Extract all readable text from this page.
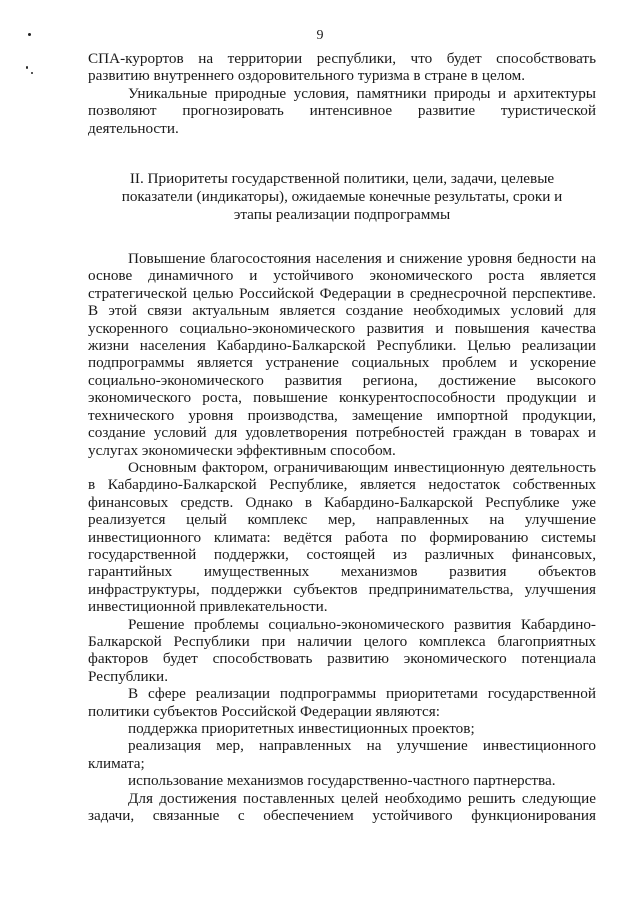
9

СПА-курортов на территории республики, что будет способствовать развитию внутреннего оздоровительного туризма в стране в целом.

Уникальные природные условия, памятники природы и архитектуры позволяют прогнозировать интенсивное развитие туристической деятельности.

II. Приоритеты государственной политики, цели, задачи, целевые показатели (индикаторы), ожидаемые конечные результаты, сроки и этапы реализации подпрограммы

Повышение благосостояния населения и снижение уровня бедности на основе динамичного и устойчивого экономического роста является стратегической целью Российской Федерации в среднесрочной перспективе. В этой связи актуальным является создание необходимых условий для ускоренного социально-экономического развития и повышения качества жизни населения Кабардино-Балкарской Республики. Целью реализации подпрограммы является устранение социальных проблем и ускорение социально-экономического развития региона, достижение высокого экономического роста, повышение конкурентоспособности продукции и технического уровня производства, замещение импортной продукции, создание условий для удовлетворения потребностей граждан в товарах и услугах экономически эффективным способом.

Основным фактором, ограничивающим инвестиционную деятельность в Кабардино-Балкарской Республике, является недостаток собственных финансовых средств. Однако в Кабардино-Балкарской Республике уже реализуется целый комплекс мер, направленных на улучшение инвестиционного климата: ведётся работа по формированию системы государственной поддержки, состоящей из различных финансовых, гарантийных имущественных механизмов развития объектов инфраструктуры, поддержки субъектов предпринимательства, улучшения инвестиционной привлекательности.

Решение проблемы социально-экономического развития Кабардино-Балкарской Республики при наличии целого комплекса благоприятных факторов будет способствовать развитию экономического потенциала Республики.

В сфере реализации подпрограммы приоритетами государственной политики субъектов Российской Федерации являются:

поддержка приоритетных инвестиционных проектов;

реализация мер, направленных на улучшение инвестиционного климата;

использование механизмов государственно-частного партнерства.

Для достижения поставленных целей необходимо решить следующие задачи, связанные с обеспечением устойчивого функционирования
